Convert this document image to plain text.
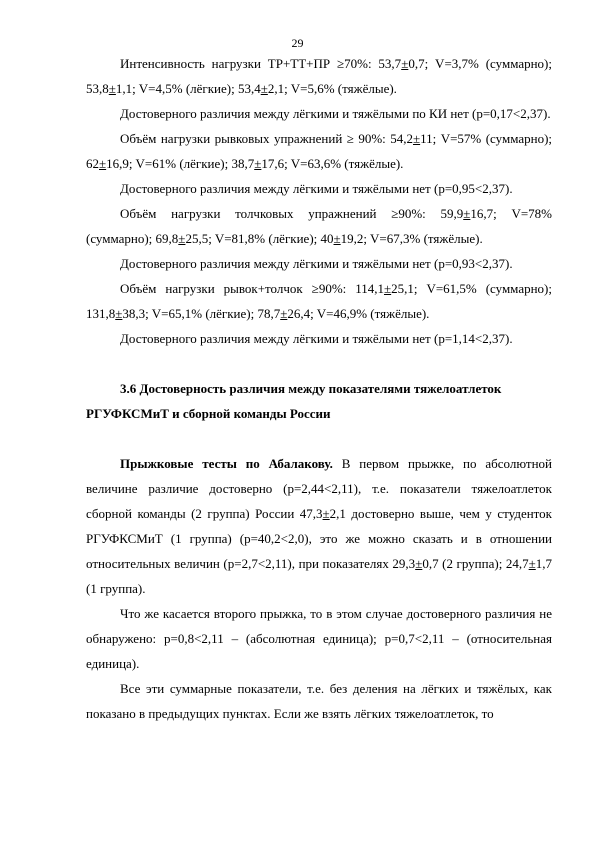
29

Интенсивность нагрузки ТР+ТТ+ПР ≥70%: 53,7±0,7; V=3,7% (суммарно); 53,8±1,1; V=4,5% (лёгкие); 53,4±2,1; V=5,6% (тяжёлые).

Достоверного различия между лёгкими и тяжёлыми по КИ нет (р=0,17<2,37).

Объём нагрузки рывковых упражнений ≥ 90%: 54,2±11; V=57% (суммарно); 62±16,9; V=61% (лёгкие); 38,7±17,6; V=63,6% (тяжёлые).

Достоверного различия между лёгкими и тяжёлыми нет (р=0,95<2,37).

Объём нагрузки толчковых упражнений ≥90%: 59,9±16,7; V=78% (суммарно); 69,8±25,5; V=81,8% (лёгкие); 40±19,2; V=67,3% (тяжёлые).

Достоверного различия между лёгкими и тяжёлыми нет (р=0,93<2,37).

Объём нагрузки рывок+толчок ≥90%: 114,1±25,1; V=61,5% (суммарно); 131,8±38,3; V=65,1% (лёгкие); 78,7±26,4; V=46,9% (тяжёлые).

Достоверного различия между лёгкими и тяжёлыми нет (р=1,14<2,37).

3.6 Достоверность различия между показателями тяжелоатлеток РГУФКСМиТ и сборной команды России

Прыжковые тесты по Абалакову. В первом прыжке, по абсолютной величине различие достоверно (р=2,44<2,11), т.е. показатели тяжелоатлеток сборной команды (2 группа) России 47,3±2,1 достоверно выше, чем у студенток РГУФКСМиТ (1 группа) (р=40,2<2,0), это же можно сказать и в отношении относительных величин (р=2,7<2,11), при показателях 29,3±0,7 (2 группа); 24,7±1,7 (1 группа).

Что же касается второго прыжка, то в этом случае достоверного различия не обнаружено: р=0,8<2,11 – (абсолютная единица); р=0,7<2,11 – (относительная единица).

Все эти суммарные показатели, т.е. без деления на лёгких и тяжёлых, как показано в предыдущих пунктах. Если же взять лёгких тяжелоатлеток, то
